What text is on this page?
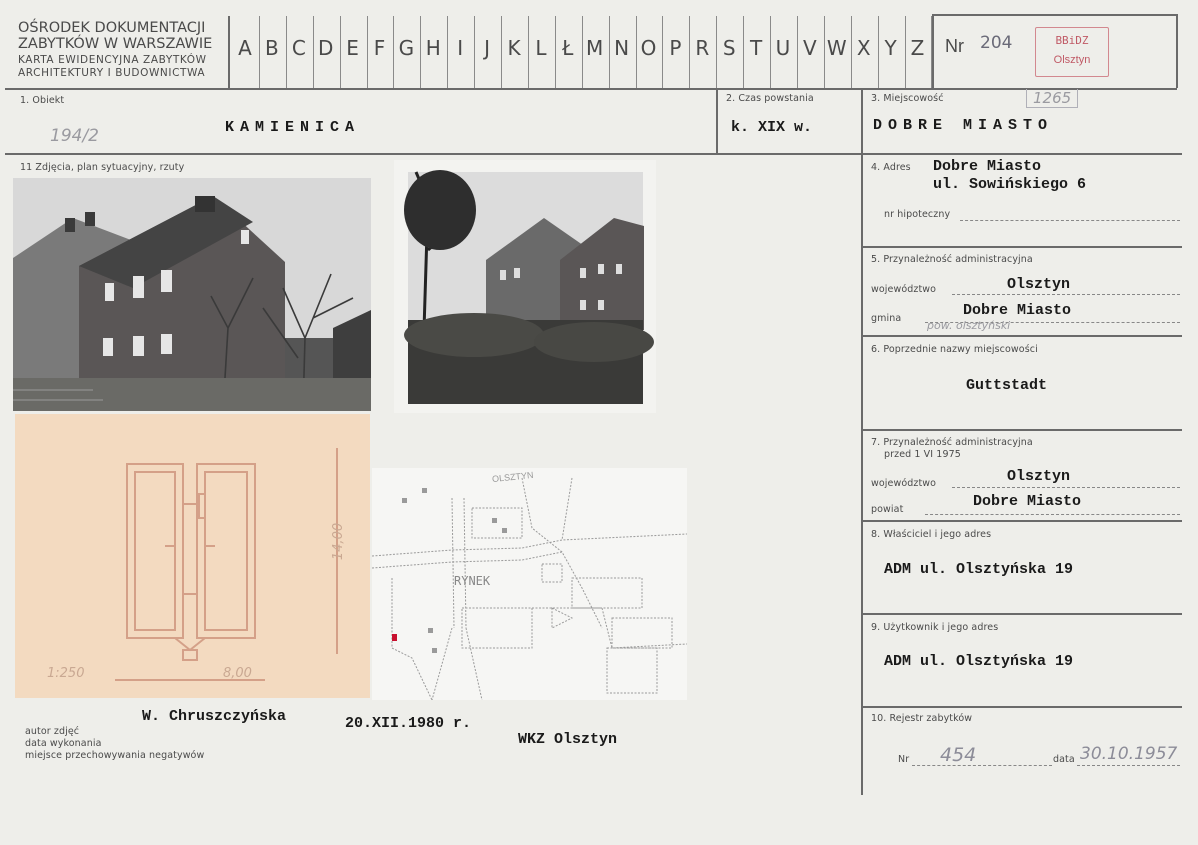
OŚRODEK DOKUMENTACJI
ZABYTKÓW W WARSZAWIE
KARTA EWIDENCYJNA ZABYTKÓW
ARCHITEKTURY I BUDOWNICTWA
A B C D E F G H I	J K L Ł M N O P R S T U V W X Y Z	Nr 204	BBiDZ
Olsztyn
1. Obiekt
KAMIENICA
194/2
2. Czas powstania
k. XIX w.
3. Miejscowość	1265
DOBRE MIASTO
11 Zdjęcia, plan sytuacyjny, rzuty
1:250	8,00
14,00
RYNEK
OLSZTYN
autor zdjęć
data wykonania
miejsce przechowywania negatywów
W. Chruszczyńska	20.XII.1980 r.
WKZ Olsztyn
4. Adres Dobre Miasto
ul. Sowińskiego 6
nr hipoteczny
5. Przynależność administracyjna
województwo	Olsztyn
gmina	Dobre Miasto
pow. olsztyński
6. Poprzednie nazwy miejscowości
Guttstadt
7. Przynależność administracyjna
przed 1 VI 1975
województwo	Olsztyn
powiat	Dobre Miasto
8. Właściciel i jego adres
ADM ul. Olsztyńska 19
9. Użytkownik i jego adres
ADM ul. Olsztyńska 19
10. Rejestr zabytków
Nr 454	data 30.10.1957
